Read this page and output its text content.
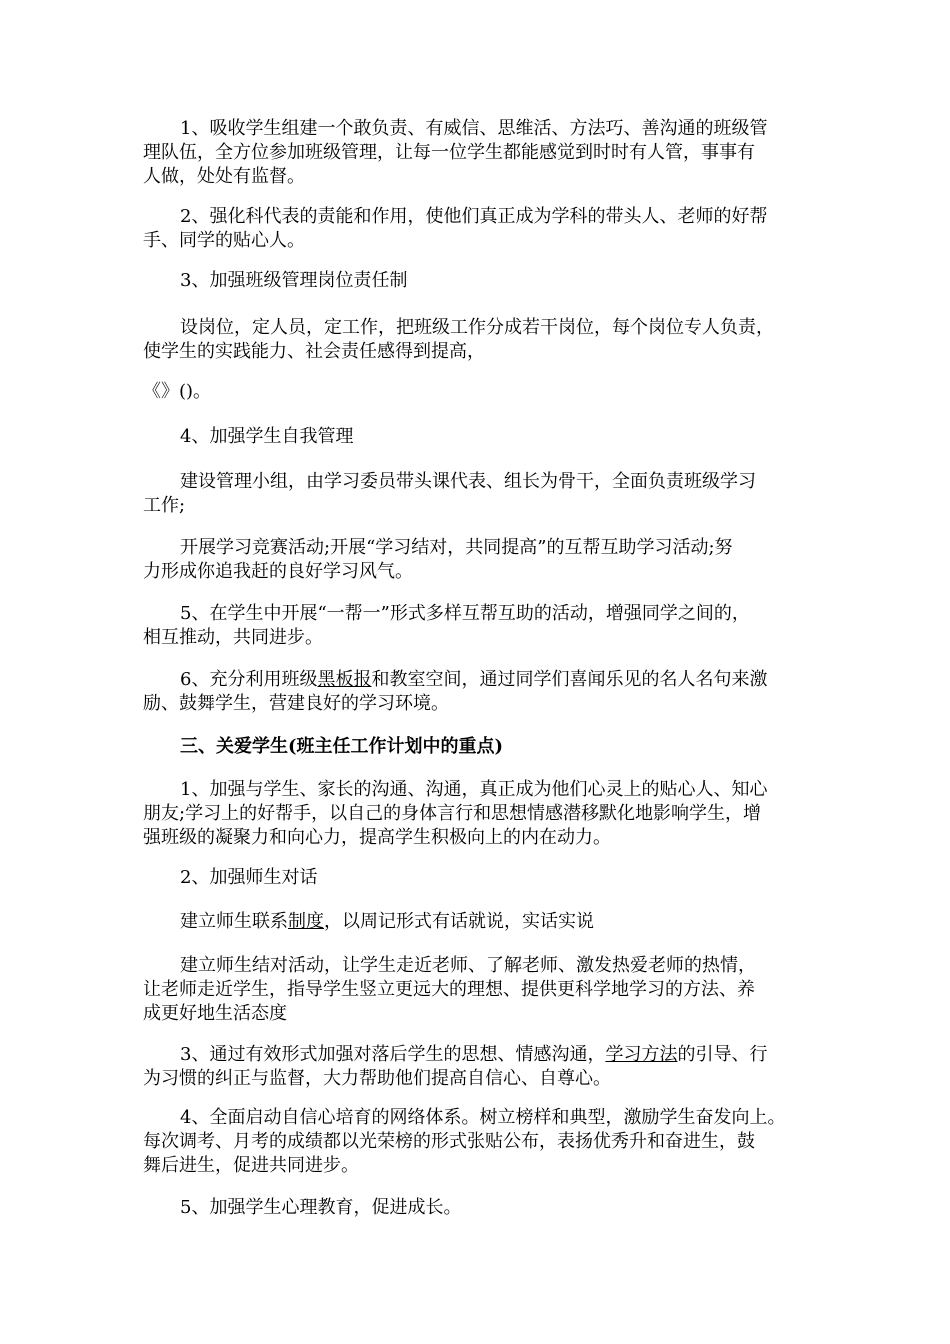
1、吸收学生组建一个敢负责、有威信、思维活、方法巧、善沟通的班级管
理队伍，全方位参加班级管理，让每一位学生都能感觉到时时有人管，事事有
人做，处处有监督。

2、强化科代表的责能和作用，使他们真正成为学科的带头人、老师的好帮
手、同学的贴心人。

3、加强班级管理岗位责任制

设岗位，定人员，定工作，把班级工作分成若干岗位，每个岗位专人负责，
使学生的实践能力、社会责任感得到提高，

《》()。

4、加强学生自我管理

建设管理小组，由学习委员带头课代表、组长为骨干，全面负责班级学习
工作;

开展学习竞赛活动;开展“学习结对，共同提高”的互帮互助学习活动;努
力形成你追我赶的良好学习风气。

5、在学生中开展“一帮一”形式多样互帮互助的活动，增强同学之间的，
相互推动，共同进步。

6、充分利用班级黑板报和教室空间，通过同学们喜闻乐见的名人名句来激
励、鼓舞学生，营建良好的学习环境。

三、关爱学生(班主任工作计划中的重点)

1、加强与学生、家长的沟通、沟通，真正成为他们心灵上的贴心人、知心
朋友;学习上的好帮手，以自己的身体言行和思想情感潜移默化地影响学生，增
强班级的凝聚力和向心力，提高学生积极向上的内在动力。

2、加强师生对话

建立师生联系制度，以周记形式有话就说，实话实说

建立师生结对活动，让学生走近老师、了解老师、激发热爱老师的热情，
让老师走近学生，指导学生竖立更远大的理想、提供更科学地学习的方法、养
成更好地生活态度

3、通过有效形式加强对落后学生的思想、情感沟通，学习方法的引导、行
为习惯的纠正与监督，大力帮助他们提高自信心、自尊心。

4、全面启动自信心培育的网络体系。树立榜样和典型，激励学生奋发向上。
每次调考、月考的成绩都以光荣榜的形式张贴公布，表扬优秀升和奋进生，鼓
舞后进生，促进共同进步。

5、加强学生心理教育，促进成长。
